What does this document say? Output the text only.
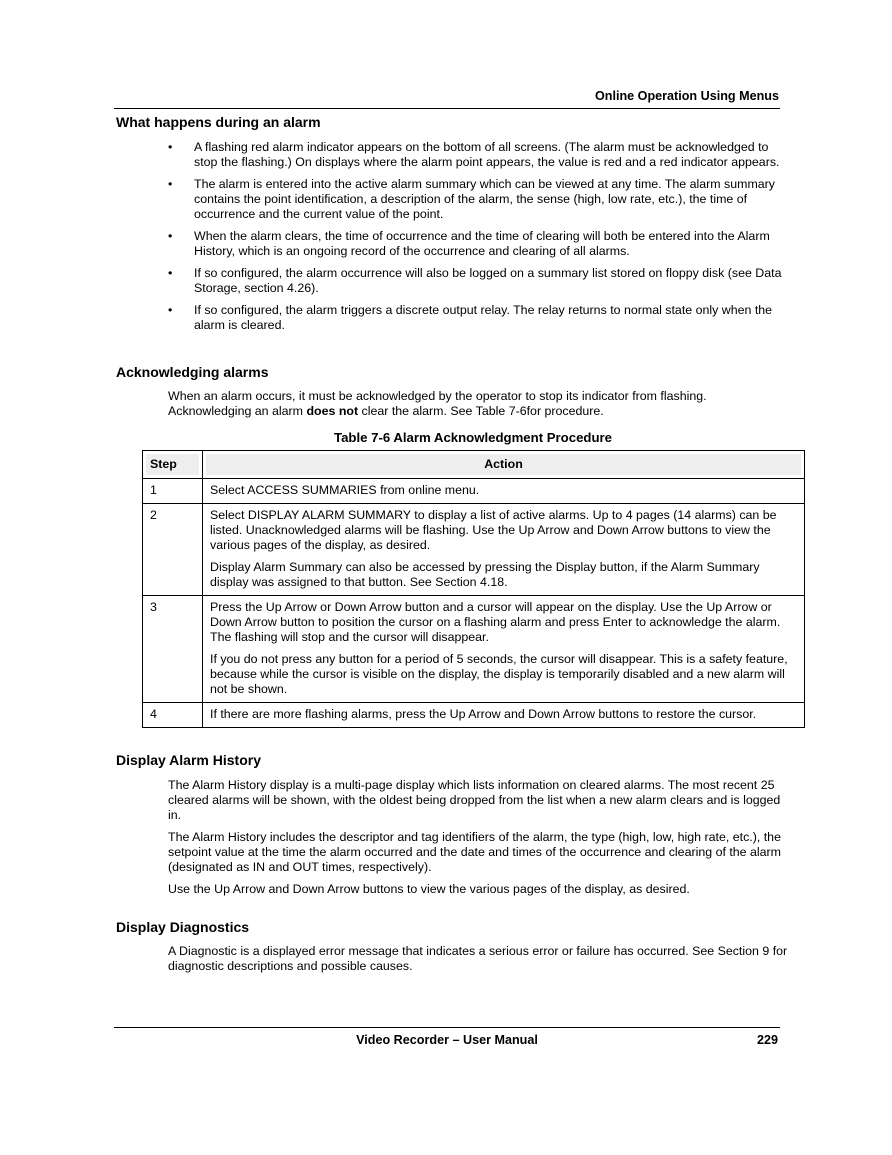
Online Operation Using Menus
What happens during an alarm
• A flashing red alarm indicator appears on the bottom of all screens. (The alarm must be acknowledged to stop the flashing.) On displays where the alarm point appears, the value is red and a red indicator appears.
• The alarm is entered into the active alarm summary which can be viewed at any time. The alarm summary contains the point identification, a description of the alarm, the sense (high, low rate, etc.), the time of occurrence and the current value of the point.
• When the alarm clears, the time of occurrence and the time of clearing will both be entered into the Alarm History, which is an ongoing record of the occurrence and clearing of all alarms.
• If so configured, the alarm occurrence will also be logged on a summary list stored on floppy disk (see Data Storage, section 4.26).
• If so configured, the alarm triggers a discrete output relay. The relay returns to normal state only when the alarm is cleared.
Acknowledging alarms

When an alarm occurs, it must be acknowledged by the operator to stop its indicator from flashing. Acknowledging an alarm does not clear the alarm. See Table 7-6for procedure.

Table 7-6 Alarm Acknowledgment Procedure
Step	Action

1	Select ACCESS SUMMARIES from online menu.

2	Select DISPLAY ALARM SUMMARY to display a list of active alarms. Up to 4 pages (14 alarms) can be listed. Unacknowledged alarms will be flashing. Use the Up Arrow and Down Arrow buttons to view the various pages of the display, as desired.

Display Alarm Summary can also be accessed by pressing the Display button, if the Alarm Summary display was assigned to that button. See Section 4.18.

3	Press the Up Arrow or Down Arrow button and a cursor will appear on the display. Use the Up Arrow or Down Arrow button to position the cursor on a flashing alarm and press Enter to acknowledge the alarm. The flashing will stop and the cursor will disappear.

If you do not press any button for a period of 5 seconds, the cursor will disappear. This is a safety feature, because while the cursor is visible on the display, the display is temporarily disabled and a new alarm will not be shown.

4	If there are more flashing alarms, press the Up Arrow and Down Arrow buttons to restore the cursor.

Display Alarm History

The Alarm History display is a multi-page display which lists information on cleared alarms. The most recent 25 cleared alarms will be shown, with the oldest being dropped from the list when a new alarm clears and is logged in.

The Alarm History includes the descriptor and tag identifiers of the alarm, the type (high, low, high rate, etc.), the setpoint value at the time the alarm occurred and the date and times of the occurrence and clearing of the alarm (designated as IN and OUT times, respectively).

Use the Up Arrow and Down Arrow buttons to view the various pages of the display, as desired.

Display Diagnostics

A Diagnostic is a displayed error message that indicates a serious error or failure has occurred. See Section 9 for diagnostic descriptions and possible causes.

Video Recorder – User Manual	229
